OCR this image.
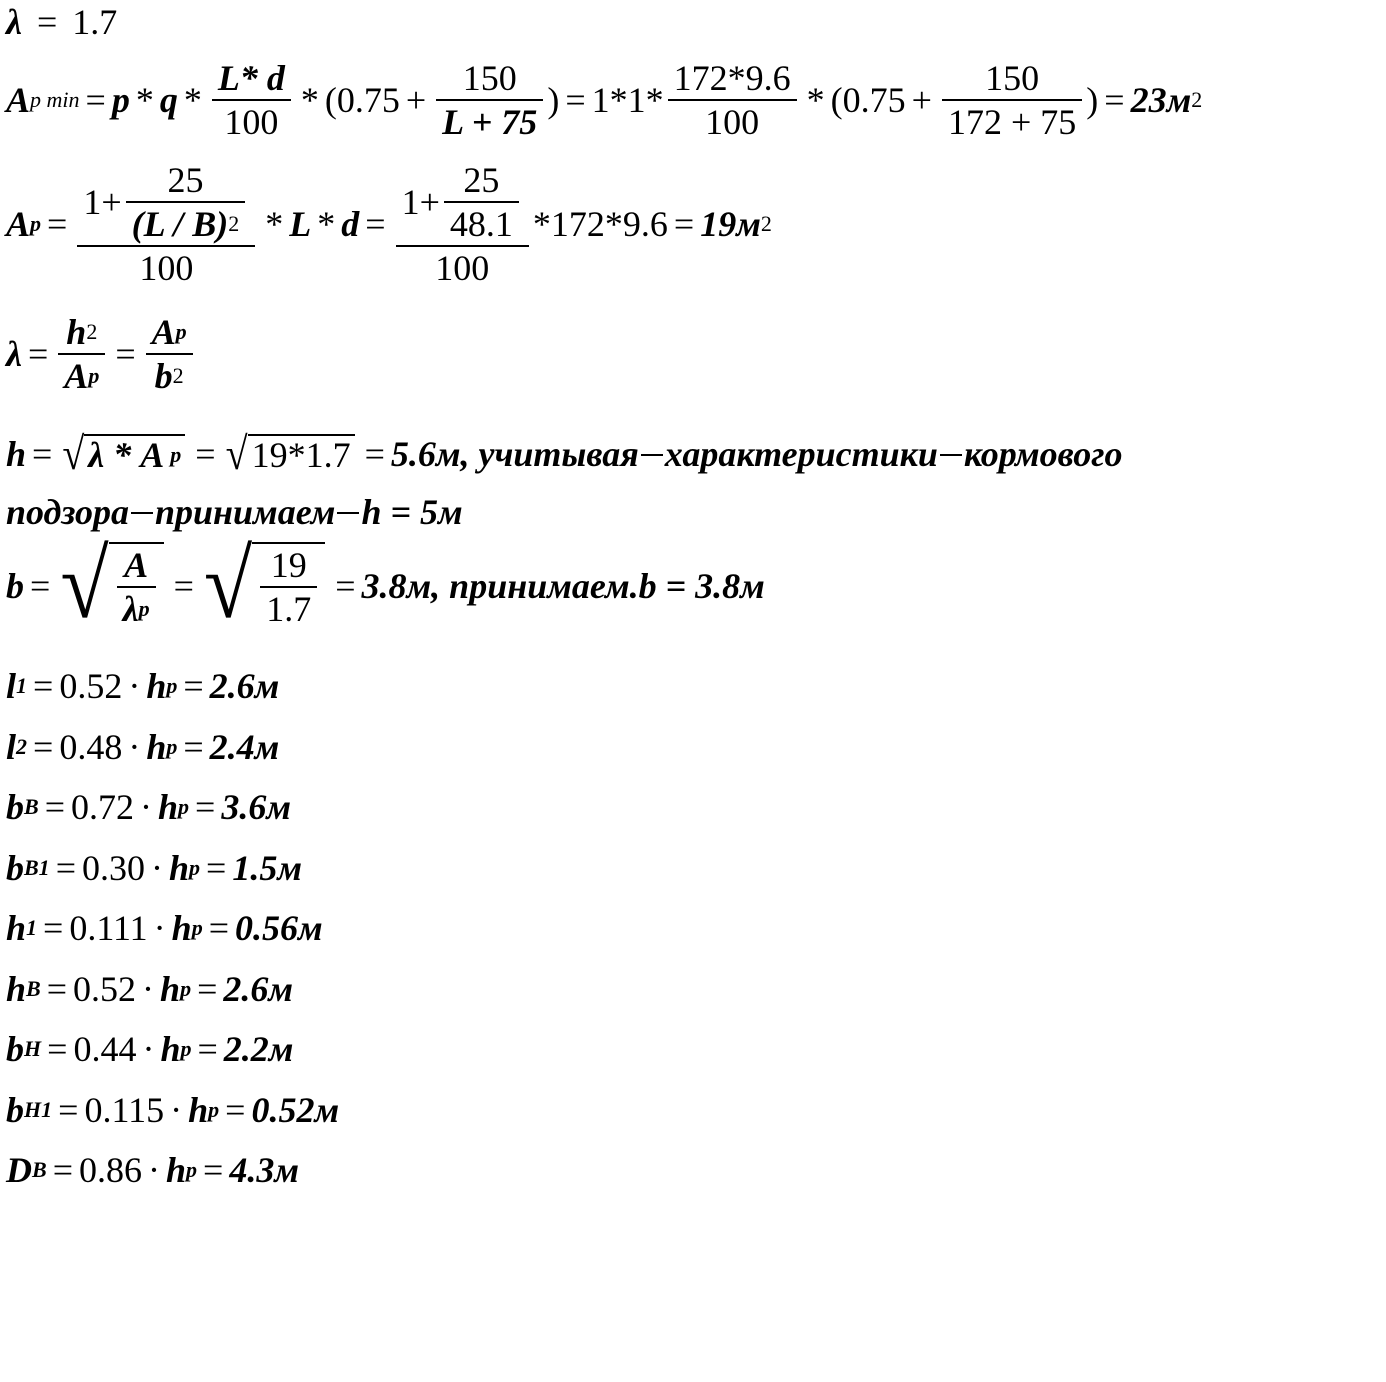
λ = 1.7
A p $\min = p * q * \frac{L* d}{100}$ * ( $0.75 + \frac{150}{L + 75}$ ) = $1*1* \frac{172*9.6}{100}$ * ( $0.75 + \frac{150}{172 + 75}$ ) = 23м 2
A $p = \frac{1+ \frac{25}{(L / B) 2}}{100} * L * d = \frac{1+ \frac{25}{48.1}}{100} *172*9.6 = 19м$ 2
$\lambda = \frac{h 2}{\text{A p}} = \frac{\text{A p}}{b 2}$
h = √ λ * A p = √ 19*1.7 = 5.6м, учитывая характеристики кормового
подзора принимаем h = 5м
b = √ $\frac{A}{\text{λ p}}$ = √ $\frac{19}{1.7} = 3.8м$, принимаем.b = 3.8м
l 1 = 0.52 · h p = 2.6м
l 2 = 0.48 · h p = 2.4м
b B = 0.72 · h p = 3.6м
b B1 = 0.30 · h p = 1.5м
h 1 = 0.111 · h p = 0.56м
h B = 0.52 · h p = 2.6м
b H = 0.44 · h p = 2.2м
b H1 = 0.115 · h p = 0.52м
D B = 0.86 · h p = 4.3м
